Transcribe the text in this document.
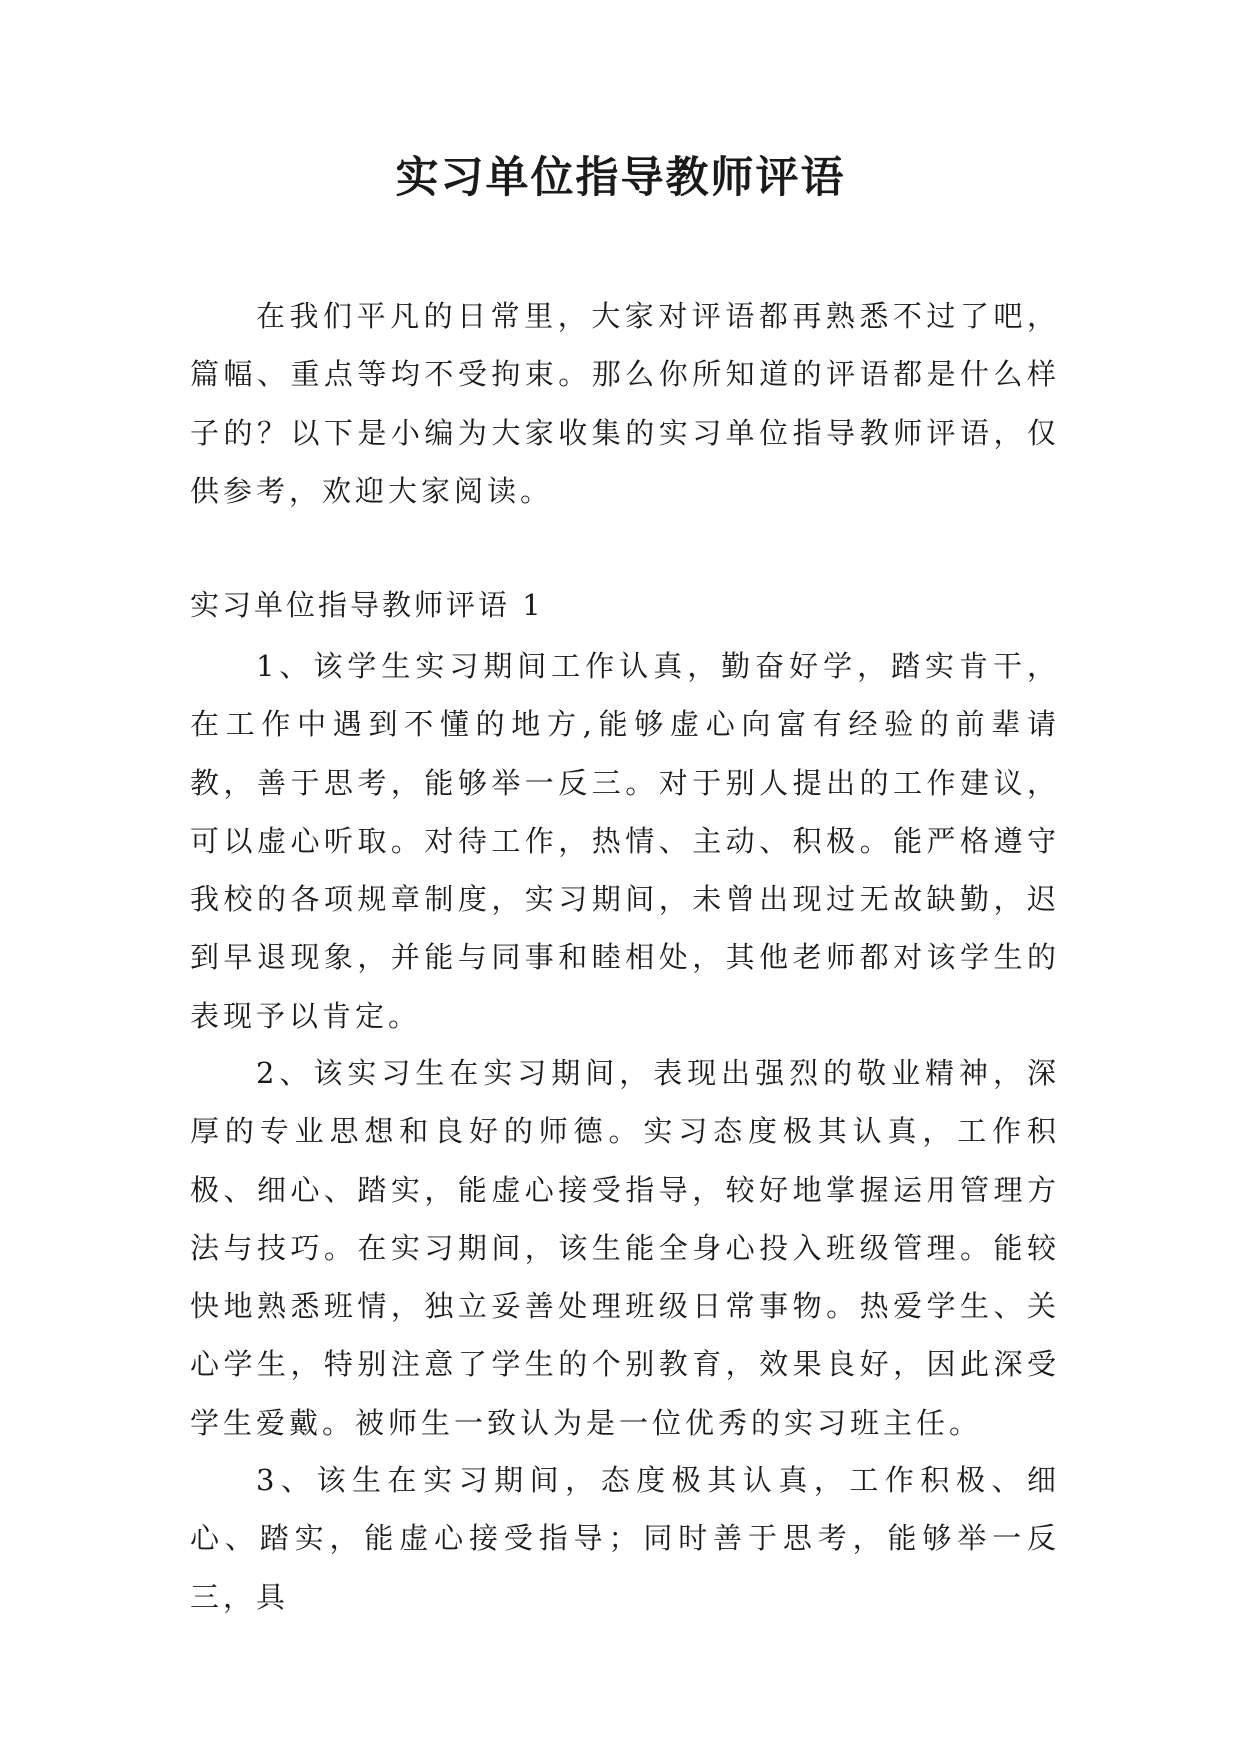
实习单位指导教师评语

在我们平凡的日常里，大家对评语都再熟悉不过了吧，篇幅、重点等均不受拘束。那么你所知道的评语都是什么样子的？以下是小编为大家收集的实习单位指导教师评语，仅供参考，欢迎大家阅读。

实习单位指导教师评语 1

1、该学生实习期间工作认真，勤奋好学，踏实肯干，在工作中遇到不懂的地方,能够虚心向富有经验的前辈请教，善于思考，能够举一反三。对于别人提出的工作建议，可以虚心听取。对待工作，热情、主动、积极。能严格遵守我校的各项规章制度，实习期间，未曾出现过无故缺勤，迟到早退现象，并能与同事和睦相处，其他老师都对该学生的表现予以肯定。

2、该实习生在实习期间，表现出强烈的敬业精神，深厚的专业思想和良好的师德。实习态度极其认真，工作积极、细心、踏实，能虚心接受指导，较好地掌握运用管理方法与技巧。在实习期间，该生能全身心投入班级管理。能较快地熟悉班情，独立妥善处理班级日常事物。热爱学生、关心学生，特别注意了学生的个别教育，效果良好，因此深受学生爱戴。被师生一致认为是一位优秀的实习班主任。

3、该生在实习期间，态度极其认真，工作积极、细心、踏实，能虚心接受指导；同时善于思考，能够举一反三，具
